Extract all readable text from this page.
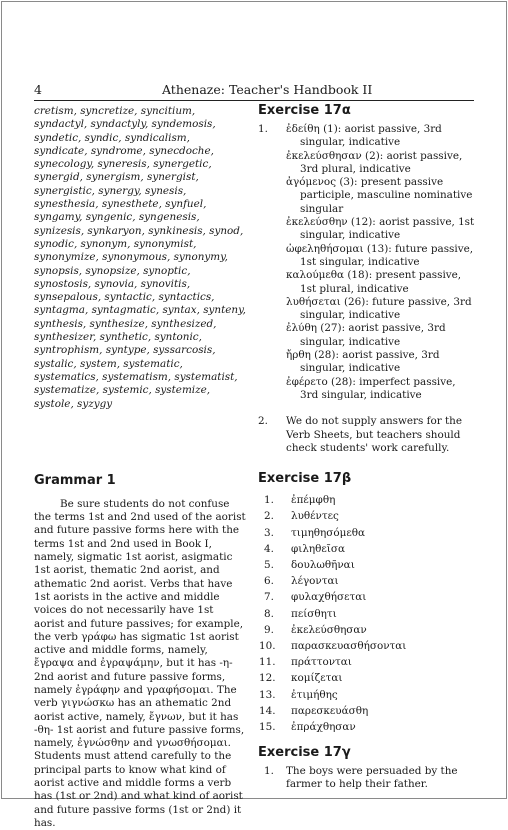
4	Athenaze: Teacher's Handbook II

cretism, syncretize, syncitium, syndactyl, syndactyly, syndemosis, syndetic, syndic, syndicalism, syndicate, syndrome, synecdoche, synecology, syneresis, synergetic, synergid, synergism, synergist, synergistic, synergy, synesis, synesthesia, synesthete, synfuel, syngamy, syngenic, syngenesis, synizesis, synkaryon, synkinesis, synod, synodic, synonym, synonymist, synonymize, synonymous, synonymy, synopsis, synopsize, synoptic, synostosis, synovia, synovitis, synsepalous, syntactic, syntactics, syntagma, syntagmatic, syntax, synteny, synthesis, synthesize, synthesized, synthesizer, synthetic, syntonic, syntrophism, syntype, syssarcosis, systalic, system, systematic, systematics, systematism, systematist, systematize, systemic, systemize, systole, syzygy

Grammar 1

Be sure students do not confuse the terms 1st and 2nd used of the aorist and future passive forms here with the terms 1st and 2nd used in Book I, namely, sigmatic 1st aorist, asigmatic 1st aorist, thematic 2nd aorist, and athematic 2nd aorist. Verbs that have 1st aorists in the active and middle voices do not necessarily have 1st aorist and future passives; for example, the verb γράφω has sigmatic 1st aorist active and middle forms, namely, ἔγραψα and ἐγραψάμην, but it has -η- 2nd aorist and future passive forms, namely ἐγράφην and γραφήσομαι. The verb γιγνώσκω has an athematic 2nd aorist active, namely, ἔγνων, but it has -θη- 1st aorist and future passive forms, namely, ἐγνώσθην and γνωσθήσομαι. Students must attend carefully to the principal parts to know what kind of aorist active and middle forms a verb has (1st or 2nd) and what kind of aorist and future passive forms (1st or 2nd) it has.

Exercise 17α
1. ἐδείθη (1): aorist passive, 3rd singular, indicative

ἐκελεύσθησαν (2): aorist passive, 3rd plural, indicative

ἀγόμενος (3): present passive participle, masculine nominative singular

ἐκελεύσθην (12): aorist passive, 1st singular, indicative

ὠφεληθήσομαι (13): future passive, 1st singular, indicative

καλούμεθα (18): present passive, 1st plural, indicative

λυθήσεται (26): future passive, 3rd singular, indicative

ἐλύθη (27): aorist passive, 3rd singular, indicative

ἤρθη (28): aorist passive, 3rd singular, indicative

ἐφέρετο (28): imperfect passive, 3rd singular, indicative

2. We do not supply answers for the Verb Sheets, but teachers should check students' work carefully.
Exercise 17β
1. ἐπέμφθη
2. λυθέντες
3. τιμηθησόμεθα
4. φιληθεῖσα
5. δουλωθῆναι
6. λέγονται
7. φυλαχθήσεται
8. πείσθητι
9. ἐκελεύσθησαν
10. παρασκευασθήσονται
11. πράττονται
12. κομίζεται
13. ἐτιμήθης
14. παρεσκευάσθη
15. ἐπράχθησαν
Exercise 17γ
1. The boys were persuaded by the farmer to help their father.
